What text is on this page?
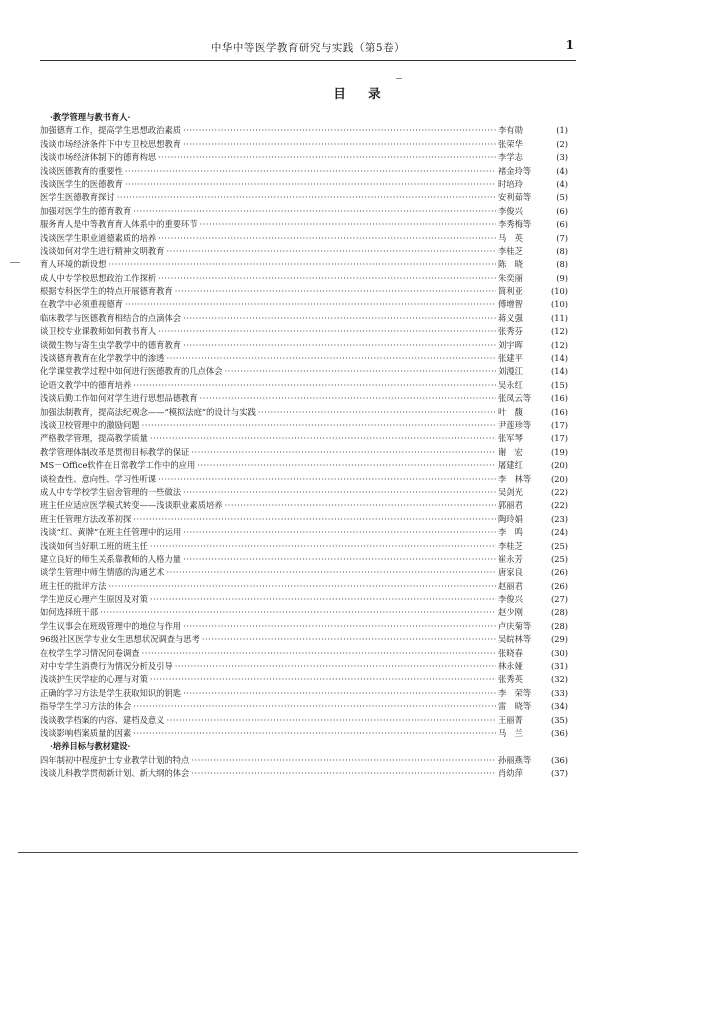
中华中等医学教育研究与实践（第5卷）	1
目 录
·教学管理与教书育人·
加强德育工作，提高学生思想政治素质 ·····	李有勋	(1)
浅谈市场经济条件下中专卫校思想教育 ·····	张荣华	(2)
浅谈市场经济体制下的德育构思 ·····	李学志	(3)
浅谈医德教育的重要性 ·····	褚金玲等	(4)
浅谈医学生的医德教育 ·····	时培玲	(4)
医学生医德教育探讨 ·····	安利茹等	(5)
加强对医学生的德育教育 ·····	李俊兴	(6)
服务育人是中等教育育人体系中的重要环节 ·····	李秀梅等	(6)
浅谈医学生职业道德素质的培养 ·····	马　英	(7)
浅谈如何对学生进行精神文明教育 ·····	李桂芝	(8)
育人环境的新设想 ·····	陈　晓	(8)
成人中专学校思想政治工作探析 ·····	朱奕丽	(9)
根据专科医学生的特点开展德育教育 ·····	简利亚	(10)
在教学中必须重视德育 ·····	傅增智	(10)
临床教学与医德教育相结合的点滴体会 ·····	蒋义强	(11)
谈卫校专业课教师如何教书育人 ·····	张秀芬	(12)
谈微生物与寄生虫学教学中的德育教育 ·····	刘宇晖	(12)
浅谈德育教育在化学教学中的渗透 ·····	张建平	(14)
化学课堂教学过程中如何进行医德教育的几点体会 ·····	刘漫江	(14)
论语文教学中的德育培养 ·····	吴永红	(15)
浅谈后勤工作如何对学生进行思想品德教育 ·····	张凤云等	(16)
加强法制教育，提高法纪观念——“模拟法庭”的设计与实践 ·····	叶　馥	(16)
浅谈卫校管理中的激励问题 ·····	尹莲珍等	(17)
严格教学管理，提高教学质量 ·····	张军琴	(17)
教学管理体制改革是贯彻目标教学的保证 ·····	谢　宏	(19)
MS－Office软件在日常教学工作中的应用 ·····	屠建红	(20)
谈检查性、意向性、学习性听课 ·····	李　林等	(20)
成人中专学校学生宿舍管理的一些做法 ·····	吴剑光	(22)
班主任应适应医学模式转变——浅谈职业素质培养 ·····	郭丽君	(22)
班主任管理方法改革初探 ·····	陶玲娟	(23)
浅谈“红、黄牌”在班主任管理中的运用 ·····	李　鸣	(24)
浅谈如何当好职工班的班主任 ·····	李桂芝	(25)
建立良好的师生关系靠教师的人格力量 ·····	崔永芳	(25)
谈学生管理中师生情感的沟通艺术 ·····	唐家良	(26)
班主任的批评方法 ·····	赵丽君	(26)
学生逆反心理产生原因及对策 ·····	李俊兴	(27)
如何选择班干部 ·····	赵少刚	(28)
学生议事会在班级管理中的地位与作用 ·····	卢庆菊等	(28)
96级社区医学专业女生思想状况调查与思考 ·····	吴皖林等	(29)
在校学生学习情况问卷调查 ·····	张晓春	(30)
对中专学生消费行为情况分析及引导 ·····	林永娅	(31)
浅谈护生厌学症的心理与对策 ·····	张秀英	(32)
正确的学习方法是学生获取知识的钥匙 ·····	李　荣等	(33)
指导学生学习方法的体会 ·····	雷　晓等	(34)
浅谈教学档案的内容、建档及意义 ·····	王丽菁	(35)
浅谈影响档案质量的因素 ·····	马　兰	(36)
·培养目标与教材建设·
四年制初中程度护士专业教学计划的特点 ·····	孙丽燕等	(36)
浅谈儿科教学贯彻新计划、新大纲的体会 ·····	肖幼萍	(37)
